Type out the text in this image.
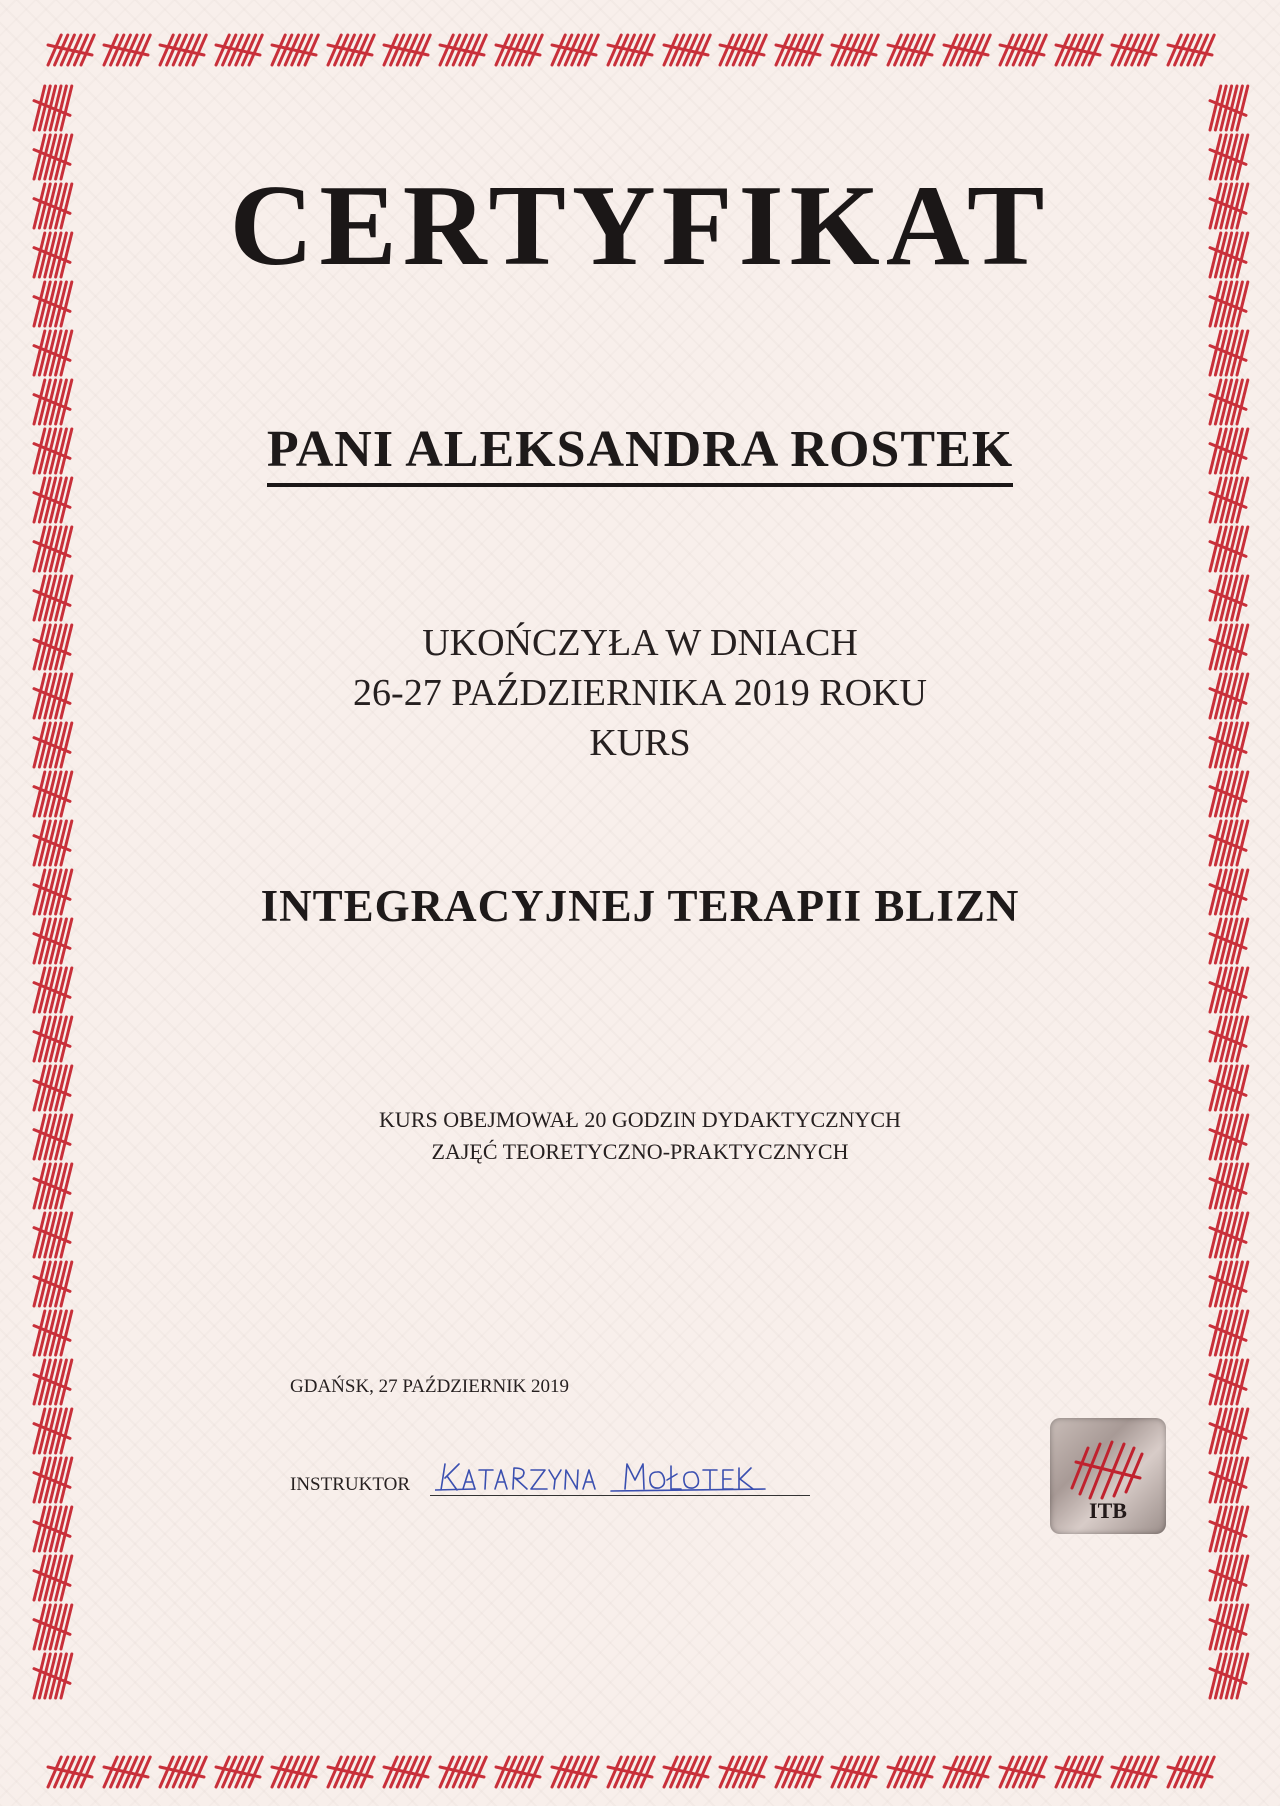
CERTYFIKAT
PANI ALEKSANDRA ROSTEK
UKOŃCZYŁA W DNIACH
26-27 PAŹDZIERNIKA 2019 ROKU
KURS
INTEGRACYJNEJ TERAPII BLIZN
KURS OBEJMOWAŁ 20 GODZIN DYDAKTYCZNYCH
ZAJĘĆ TEORETYCZNO-PRAKTYCZNYCH
GDAŃSK, 27 PAŹDZIERNIK 2019
INSTRUKTOR
ITB
